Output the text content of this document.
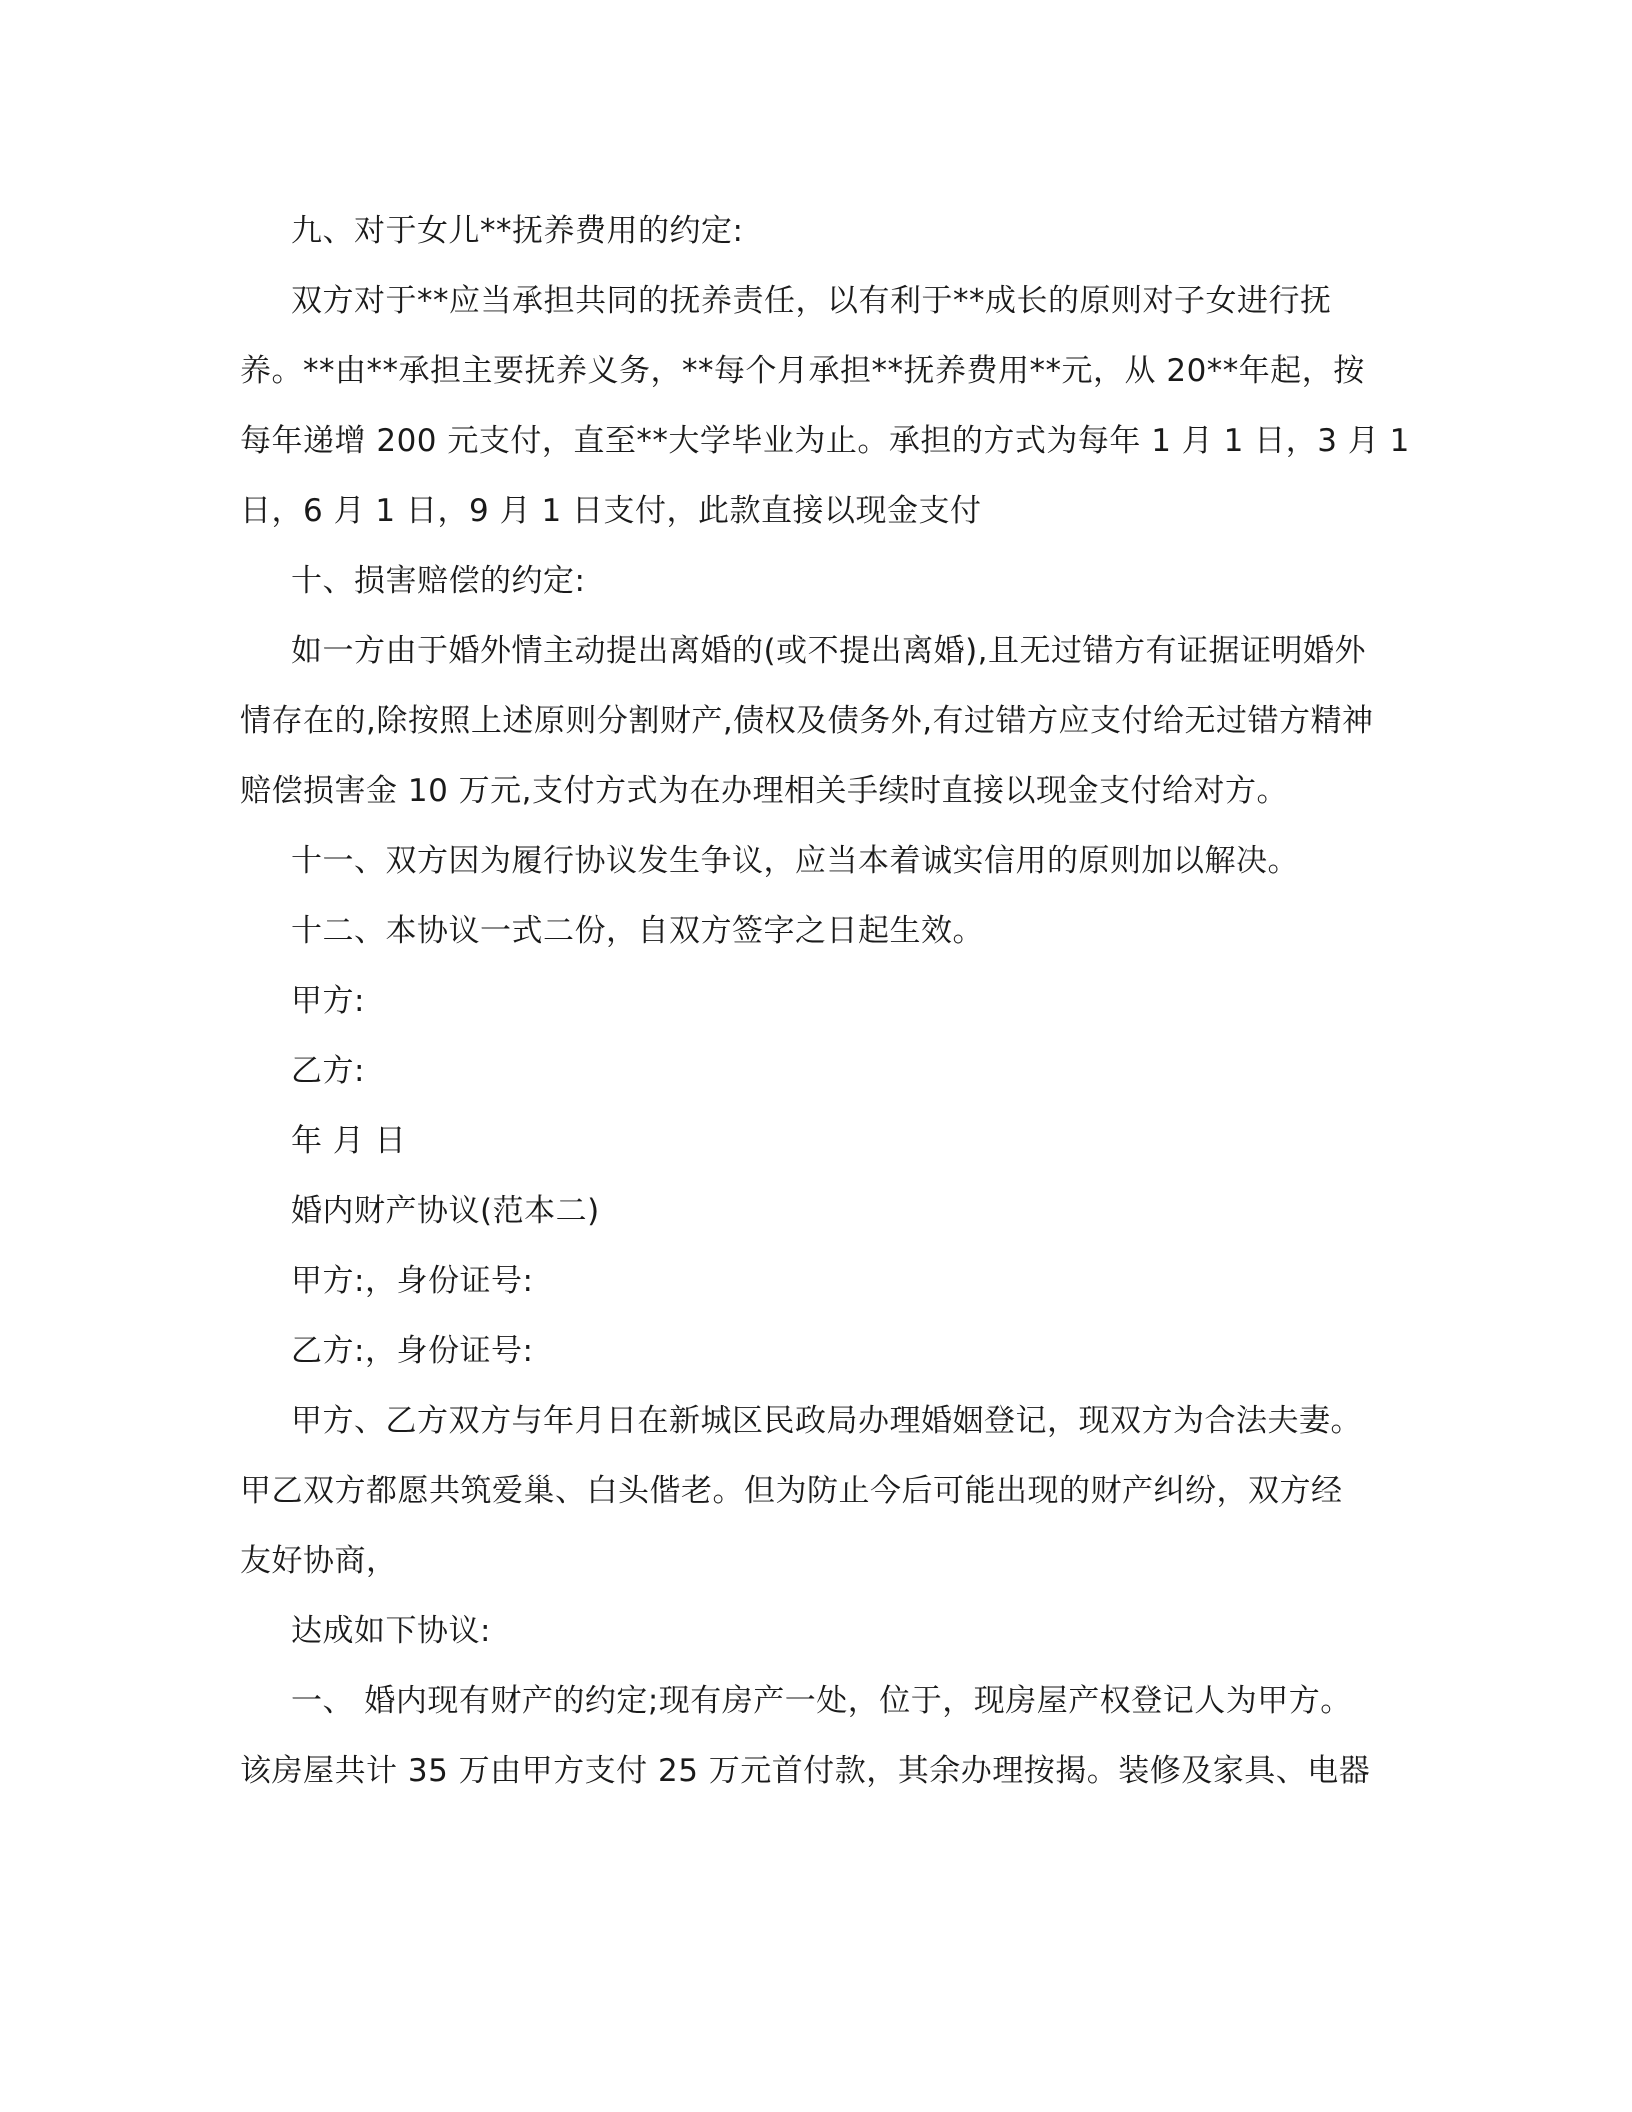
九、对于女儿**抚养费用的约定:
双方对于**应当承担共同的抚养责任，以有利于**成长的原则对子女进行抚
养。**由**承担主要抚养义务，**每个月承担**抚养费用**元，从 20**年起，按
每年递增 200 元支付，直至**大学毕业为止。承担的方式为每年 1 月 1 日，3 月 1
日，6 月 1 日，9 月 1 日支付，此款直接以现金支付
十、损害赔偿的约定:
如一方由于婚外情主动提出离婚的(或不提出离婚),且无过错方有证据证明婚外
情存在的,除按照上述原则分割财产,债权及债务外,有过错方应支付给无过错方精神
赔偿损害金 10 万元,支付方式为在办理相关手续时直接以现金支付给对方。
十一、双方因为履行协议发生争议，应当本着诚实信用的原则加以解决。
十二、本协议一式二份，自双方签字之日起生效。
甲方:
乙方:
年 月 日
婚内财产协议(范本二)
甲方:，身份证号:
乙方:，身份证号:
甲方、乙方双方与年月日在新城区民政局办理婚姻登记，现双方为合法夫妻。
甲乙双方都愿共筑爱巢、白头偕老。但为防止今后可能出现的财产纠纷，双方经
友好协商，
达成如下协议:
一、 婚内现有财产的约定;现有房产一处，位于，现房屋产权登记人为甲方。
该房屋共计 35 万由甲方支付 25 万元首付款，其余办理按揭。装修及家具、电器
